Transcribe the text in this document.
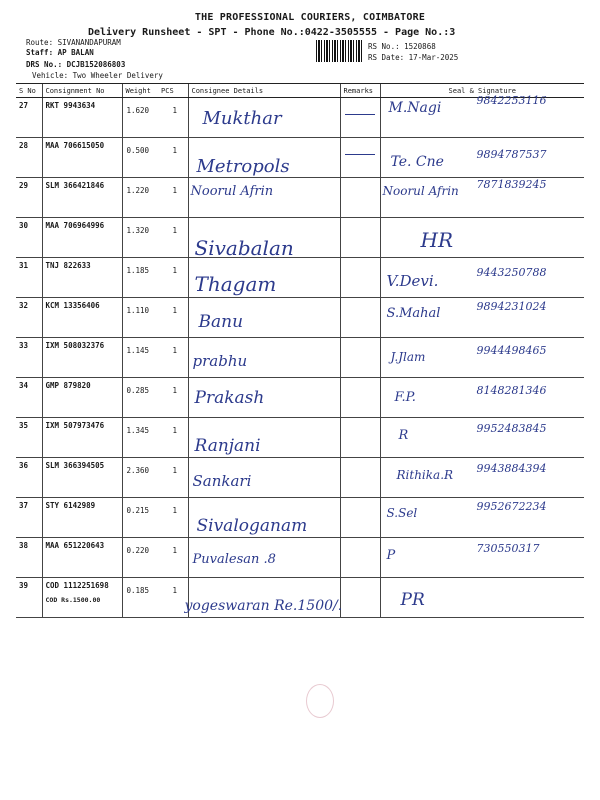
THE PROFESSIONAL COURIERS, COIMBATORE
Delivery Runsheet - SPT - Phone No.:0422-3505555 - Page No.:3
Route: SIVANANDAPURAM
Staff: AP BALAN
DRS No.: DCJB152086803
Vehicle: Two Wheeler Delivery
RS No.: 1520868
RS Date: 17-Mar-2025
S No	Consignment No	Weight PCS	Consignee Details	Remarks	Seal & Signature
27	RKT 9943634	1.620 1	Mukthar		M.Nagi 9842253116

28	MAA 706615050	0.500 1	Metropols		Te. Cne 9894787537

29	SLM 366421846	1.220 1	Noorul Afrin		Noorul Afrin 7871839245

30	MAA 706964996	1.320 1	Sivabalan		HR

31	TNJ 822633	1.185 1	Thagam		V.Devi. 9443250788

32	KCM 13356406	1.110 1	Banu		S.Mahal 9894231024

33	IXM 508032376	1.145 1	prabhu		J.Jlam 9944498465

34	GMP 879820	0.285 1	Prakash		F.P. 8148281346

35	IXM 507973476	1.345 1	Ranjani		R 9952483845

36	SLM 366394505	2.360 1	Sankari		Rithika.R 9943884394

37	STY 6142989	0.215 1	Sivaloganam		S.Sel 9952672234

38	MAA 651220643	0.220 1	Puvalesan .8		P 730550317

39	COD 1112251698
COD Rs.1500.00	0.185 1	yogeswaran Re.1500/.		PR
